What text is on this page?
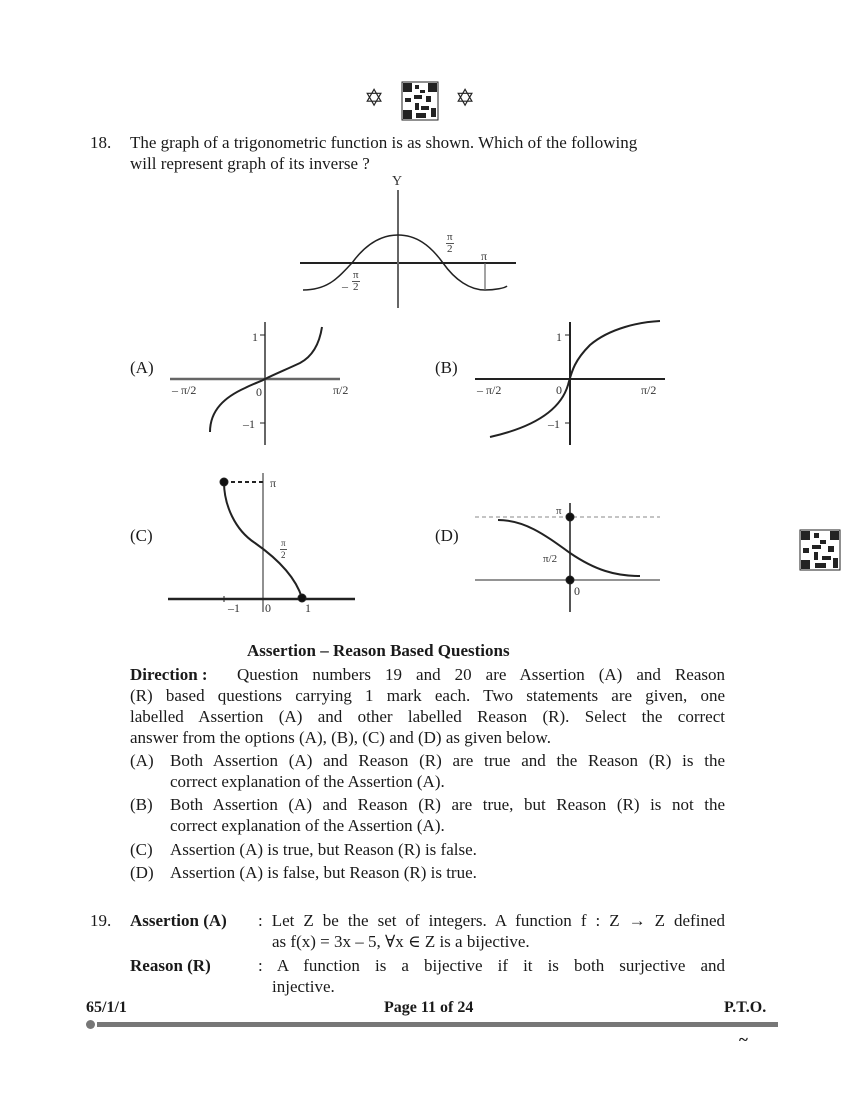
✡	✡
18. The graph of a trigonometric function is as shown. Which of the following
will represent graph of its inverse ?
Y
$\frac{\pi}{2}$
π
– $\frac{\pi}{2}$
(A)	(B)
(C)	(D)
1
–1
– π/2	0	π/2
1
–1
– π/2	0	π/2
π
$\frac{\pi}{2}$
–1 0	1
π
π/2
0
Assertion – Reason Based Questions
Direction : Question numbers 19 and 20 are Assertion (A) and Reason
(R) based questions carrying 1 mark each. Two statements are given, one
labelled Assertion (A) and other labelled Reason (R). Select the correct
answer from the options (A), (B), (C) and (D) as given below.
(A) Both Assertion (A) and Reason (R) are true and the Reason (R) is the
correct explanation of the Assertion (A).
(B) Both Assertion (A) and Reason (R) are true, but Reason (R) is not the
correct explanation of the Assertion (A).
(C) Assertion (A) is true, but Reason (R) is false.
(D) Assertion (A) is false, but Reason (R) is true.
19. Assertion (A) : Let Z be the set of integers. A function f : Z → Z defined
as f(x) = 3x – 5, ∀x ∈ Z is a bijective.
Reason (R)	: A function is a bijective if it is both surjective and
injective.
65/1/1	Page 11 of 24	P.T.O.
~
